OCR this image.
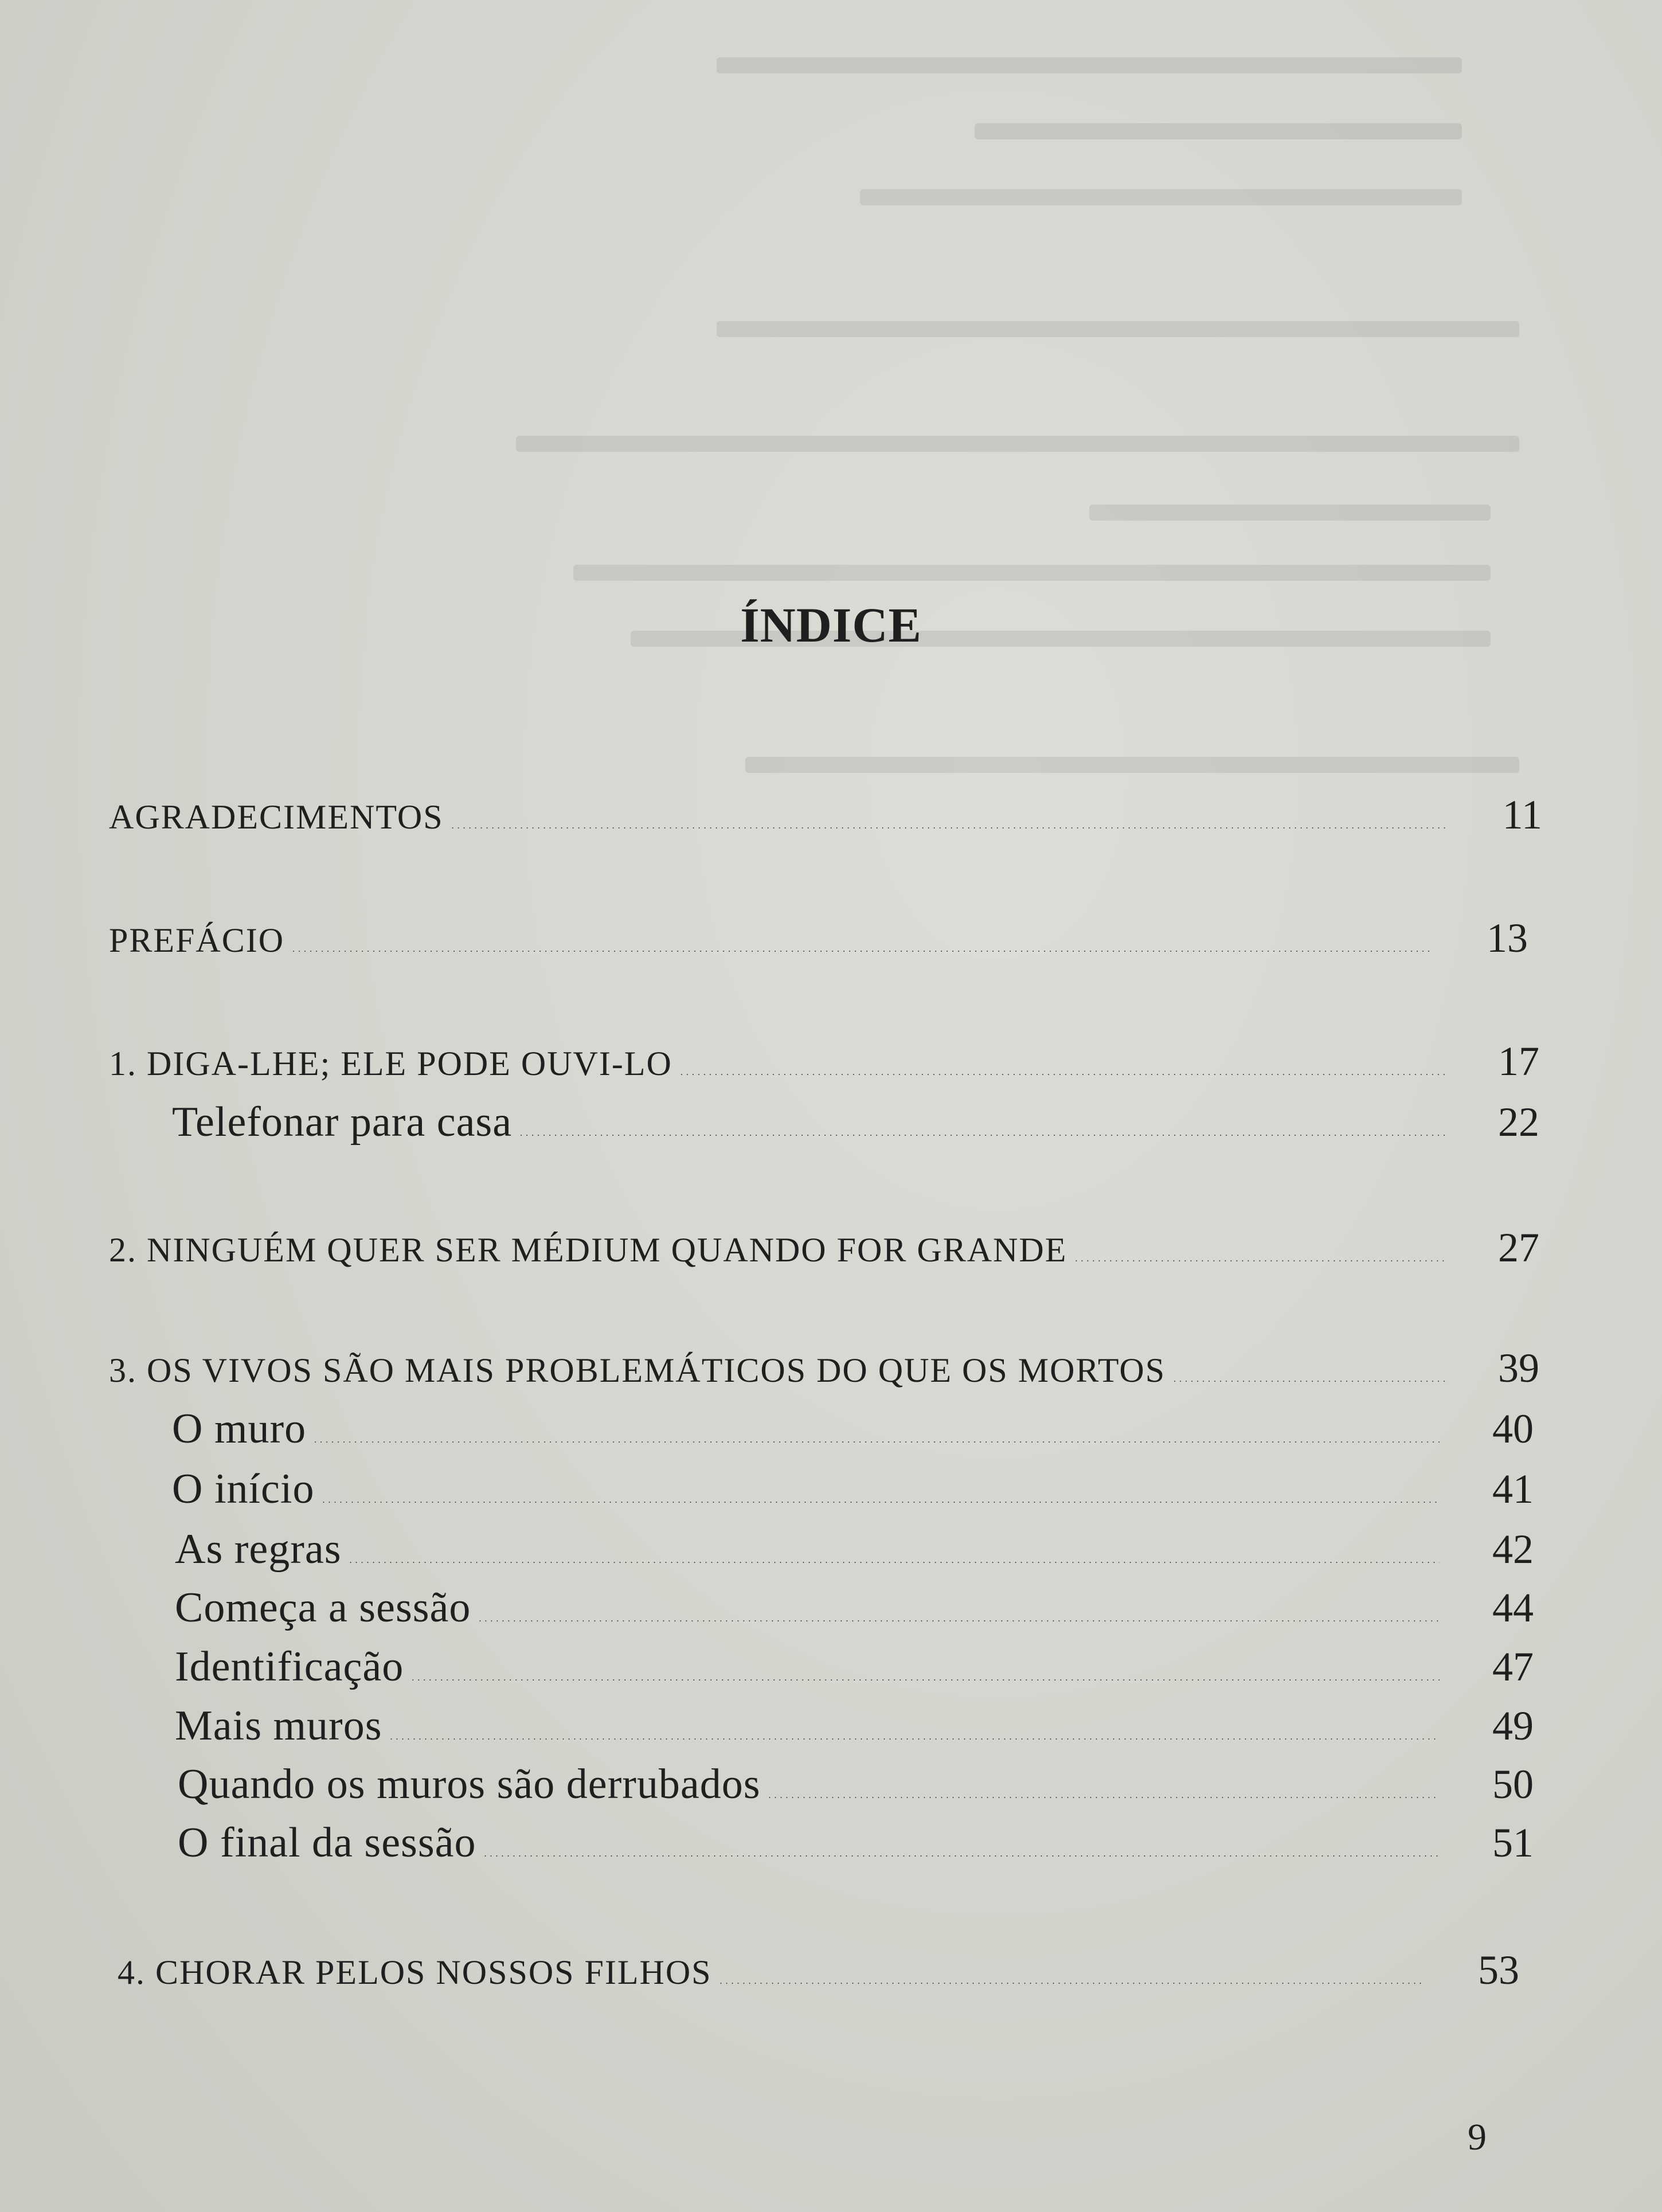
ÍNDICE
AGRADECIMENTOS .....	11
PREFÁCIO .....	13
1. DIGA-LHE; ELE PODE OUVI-LO .....	17
Telefonar para casa .....	22
2. NINGUÉM QUER SER MÉDIUM QUANDO FOR GRANDE .....	27
3. OS VIVOS SÃO MAIS PROBLEMÁTICOS DO QUE OS MORTOS .....	39
O muro .....	40
O início .....	41
As regras .....	42
Começa a sessão .....	44
Identificação .....	47
Mais muros .....	49
Quando os muros são derrubados .....	50
O final da sessão .....	51
4. CHORAR PELOS NOSSOS FILHOS .....	53
9
